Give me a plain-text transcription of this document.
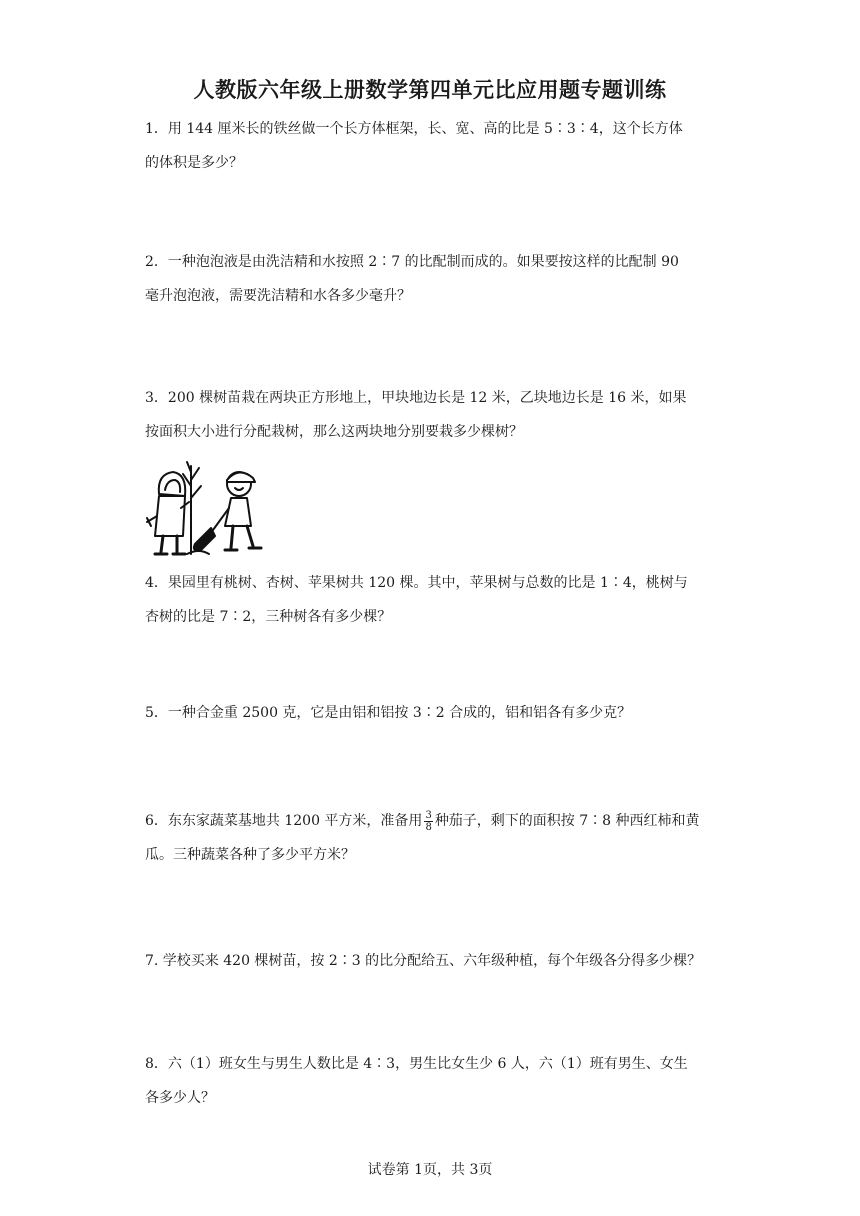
人教版六年级上册数学第四单元比应用题专题训练
1．用 144 厘米长的铁丝做一个长方体框架，长、宽、高的比是 5∶3∶4，这个长方体
的体积是多少？
2．一种泡泡液是由洗洁精和水按照 2∶7 的比配制而成的。如果要按这样的比配制 90
毫升泡泡液，需要洗洁精和水各多少毫升？
3．200 棵树苗栽在两块正方形地上，甲块地边长是 12 米，乙块地边长是 16 米，如果
按面积大小进行分配栽树，那么这两块地分别要栽多少棵树？
4．果园里有桃树、杏树、苹果树共 120 棵。其中，苹果树与总数的比是 1∶4，桃树与
杏树的比是 7∶2，三种树各有多少棵？
5．一种合金重 2500 克，它是由铝和铝按 3∶2 合成的，铝和铝各有多少克？
6．东东家蔬菜基地共 1200 平方米，准备用 $\frac{3}{8}$ 种茄子，剩下的面积按 7∶8 种西红柿和黄
瓜。三种蔬菜各种了多少平方米？
7. 学校买来 420 棵树苗，按 2∶3 的比分配给五、六年级种植，每个年级各分得多少棵？
8．六（1）班女生与男生人数比是 4∶3，男生比女生少 6 人，六（1）班有男生、女生
各多少人？
试卷第 1页，共 3页
